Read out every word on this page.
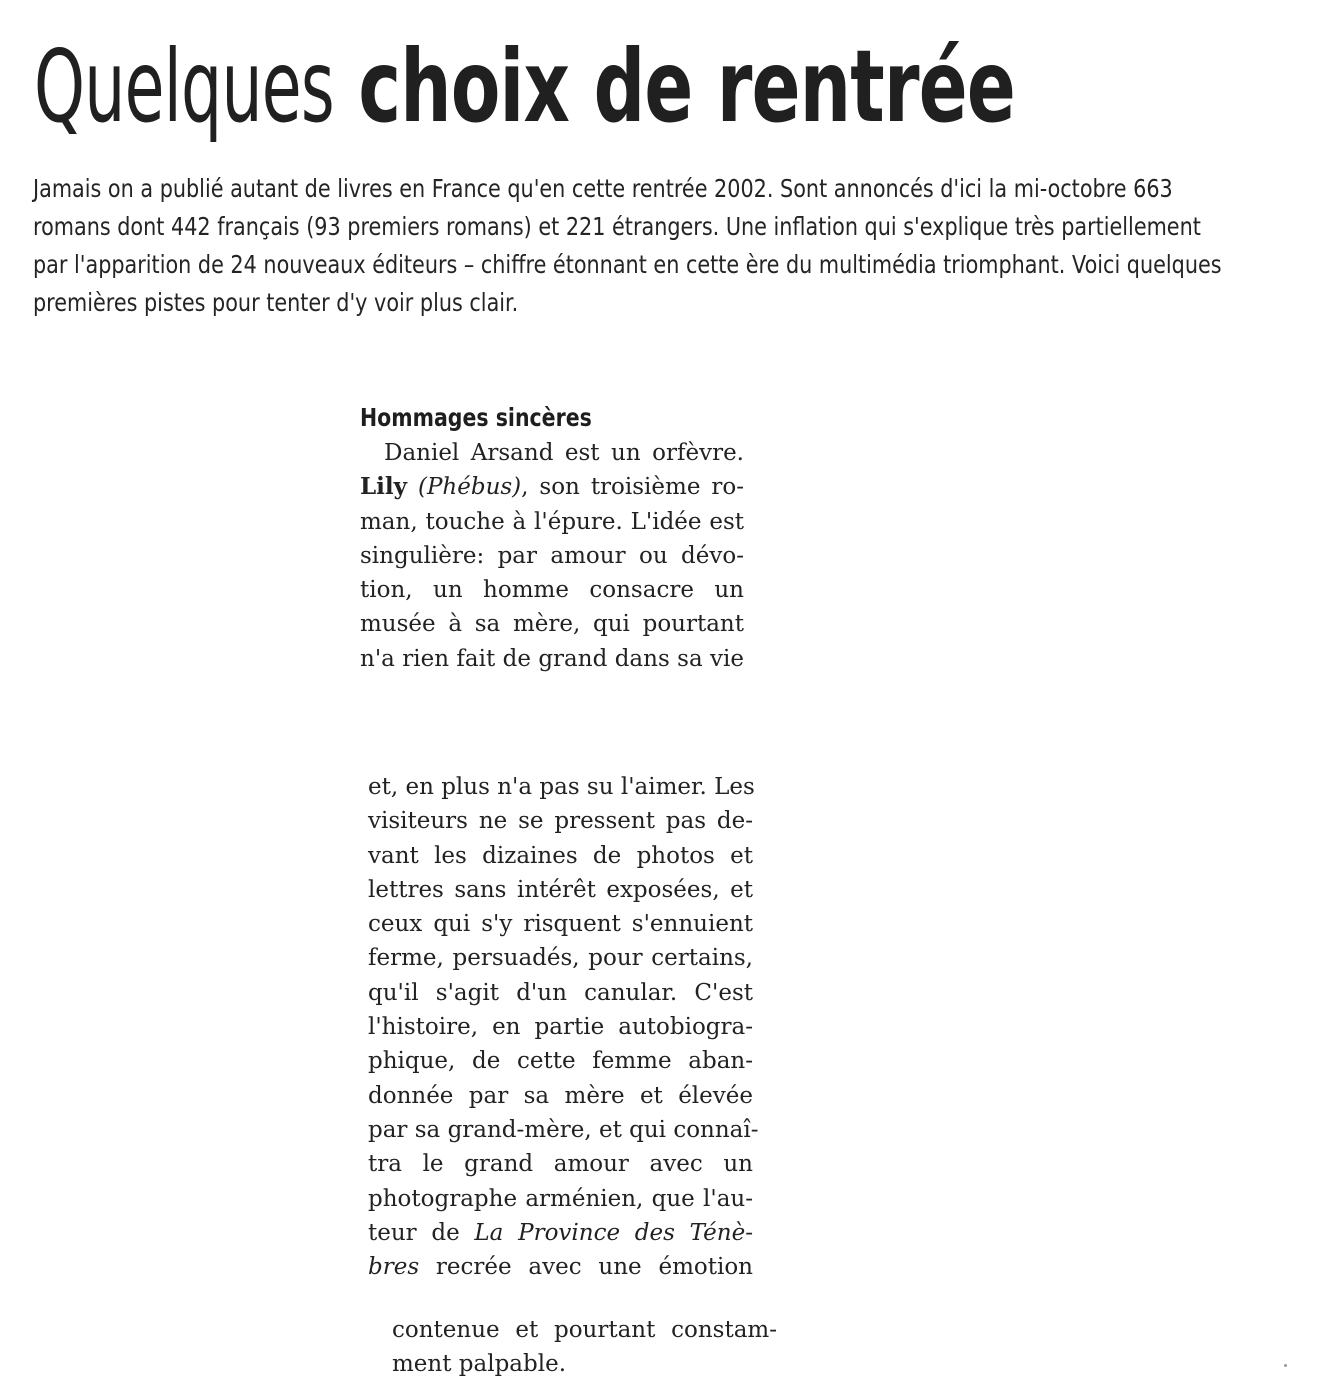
Quelques choix de rentrée

Jamais on a publié autant de livres en France qu'en cette rentrée 2002. Sont annoncés d'ici la mi-octobre 663
romans dont 442 français (93 premiers romans) et 221 étrangers. Une inflation qui s'explique très partiellement
par l'apparition de 24 nouveaux éditeurs – chiffre étonnant en cette ère du multimédia triomphant. Voici quelques
premières pistes pour tenter d'y voir plus clair.

Hommages sincères
Daniel Arsand est un orfèvre.
Lily (Phébus), son troisième ro-
man, touche à l'épure. L'idée est
singulière: par amour ou dévo-
tion, un homme consacre un
musée à sa mère, qui pourtant
n'a rien fait de grand dans sa vie
et, en plus n'a pas su l'aimer. Les
visiteurs ne se pressent pas de-
vant les dizaines de photos et
lettres sans intérêt exposées, et
ceux qui s'y risquent s'ennuient
ferme, persuadés, pour certains,
qu'il s'agit d'un canular. C'est
l'histoire, en partie autobiogra-
phique, de cette femme aban-
donnée par sa mère et élevée
par sa grand-mère, et qui connaî-
tra le grand amour avec un
photographe arménien, que l'au-
teur de La Province des Ténè-
bres recrée avec une émotion
contenue et pourtant constam-
ment palpable.
